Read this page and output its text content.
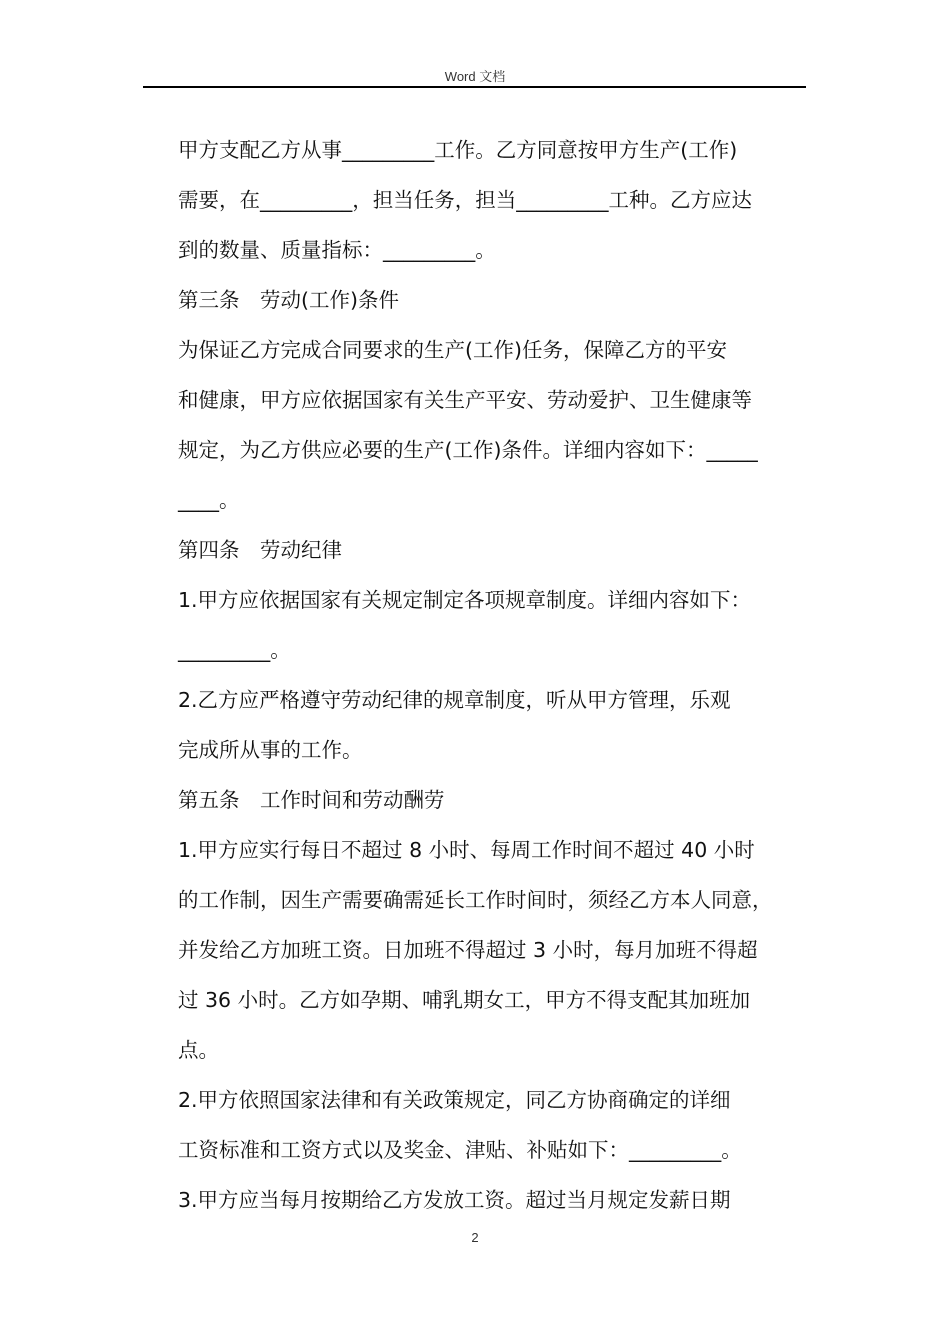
Word 文档
甲方支配乙方从事_________工作。乙方同意按甲方生产(工作)
需要，在_________，担当任务，担当_________工种。乙方应达
到的数量、质量指标：_________。
第三条　劳动(工作)条件
为保证乙方完成合同要求的生产(工作)任务，保障乙方的平安
和健康，甲方应依据国家有关生产平安、劳动爱护、卫生健康等
规定，为乙方供应必要的生产(工作)条件。详细内容如下：_____
____。
第四条　劳动纪律
1.甲方应依据国家有关规定制定各项规章制度。详细内容如下：
_________。
2.乙方应严格遵守劳动纪律的规章制度，听从甲方管理，乐观
完成所从事的工作。
第五条　工作时间和劳动酬劳
1.甲方应实行每日不超过 8 小时、每周工作时间不超过 40 小时
的工作制，因生产需要确需延长工作时间时，须经乙方本人同意，
并发给乙方加班工资。日加班不得超过 3 小时，每月加班不得超
过 36 小时。乙方如孕期、哺乳期女工，甲方不得支配其加班加
点。
2.甲方依照国家法律和有关政策规定，同乙方协商确定的详细
工资标准和工资方式以及奖金、津贴、补贴如下：_________。
3.甲方应当每月按期给乙方发放工资。超过当月规定发薪日期
2
